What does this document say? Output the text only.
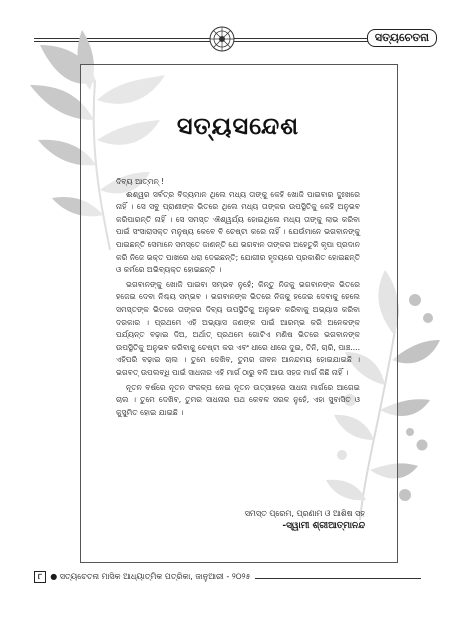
ସତ୍ୟଚେତନା
ସତ୍ୟସନ୍ଦେଶ

ଦିବ୍ୟ ଆତ୍ମନ୍ !

ଈଶ୍ୱର ସର୍ବତ୍ର ବିଦ୍ୟମାନ ଥିଲେ ମଧ୍ୟ ତାଙ୍କୁ କେହି ଖୋଜି ପାଇବାର ଦୁଃଖରେ ନାହିଁ । ସେ ସବୁ ପ୍ରାଣୀଙ୍କ ଭିତରେ ଥିଲେ ମଧ୍ୟ ତାଙ୍କର ଉପସ୍ଥିତିକୁ କେହି ଅନୁଭବ କରିପାରନ୍ତି ନାହିଁ । ସେ ସମସ୍ତ ଐଶ୍ୱର୍ଯ୍ୟ ହୋଇଥିଲେ ମଧ୍ୟ ତାଙ୍କୁ ଲାଭ କରିବା ପାଇଁ ସଂସାରାସକ୍ତ ମନୁଷ୍ୟ କେବେ ବି ଚେଷ୍ଟା କରେ ନାହିଁ । ଯେଉଁମାନେ ଭଗବାନଙ୍କୁ ପାଇଛନ୍ତି ସେମାନେ ସମସ୍ତେ ଜାଣନ୍ତି ଯେ ଭଗବାନ ତାଙ୍କର ଅହେତୁକି କୃପା ପ୍ରଦାନ କରି ନିଜେ ଭକ୍ତ ପାଖରେ ଧରା ଦେଇଛନ୍ତି; ଯୋଗୀର ହୃଦୟରେ ପ୍ରକାଶିତ ହୋଇଛନ୍ତି ଓ କର୍ମରେ ଅଭିବ୍ୟକ୍ତ ହୋଇଛନ୍ତି ।

ଭଗବାନଙ୍କୁ ଖୋଜି ପାଇବା ସମ୍ଭବ ନୁହେଁ; କିନ୍ତୁ ନିଜକୁ ଭଗବାନଙ୍କ ଭିତରେ ହଜେଇ ଦେବା ନିଶ୍ଚୟ ସମ୍ଭବ । ଭଗବାନଙ୍କ ଭିତରେ ନିଜକୁ ହଜେଇ ଦେବାକୁ ହେଲେ ସମସ୍ତଙ୍କ ଭିତରେ ତାଙ୍କର ଦିବ୍ୟ ଉପସ୍ଥିତିକୁ ଅନୁଭବ କରିବାକୁ ଅଭ୍ୟାସ କରିବା ଦରକାର । ପ୍ରଥମେ ଏହି ଅଭ୍ୟାସ ଜଣଙ୍କ ପାଇଁ ଆରମ୍ଭ କରି ଅନେକଙ୍କ ପର୍ଯ୍ୟନ୍ତ ବଢ଼ାଇ ଦିଅ, ଅର୍ଥାତ୍ ପ୍ରଥମେ ଗୋଟିଏ ମଣିଷ ଭିତରେ ଭଗବାନଙ୍କ ଉପସ୍ଥିତିକୁ ଅନୁଭବ କରିବାକୁ ଚେଷ୍ଟା କର ଏବଂ ଧୀରେ ଧୀରେ ଦୁଇ, ତିନି, ଚାରି, ପାଞ୍ଚ.... ଏହିପରି ବଢ଼ାଇ ଚାଲ । ତୁମେ ଦେଖିବ, ତୁମର ଜୀବନ ଆନନ୍ଦମୟ ହୋଇଯାଇଛି । ଭଗବତ୍ ଉପଲବ୍ଧି ପାଇଁ ସାଧନାର ଏହି ମାର୍ଗ ଠାରୁ ବଳି ଆଉ ସହଜ ମାର୍ଗ କିଛି ନାହିଁ ।

ନୂତନ ବର୍ଷରେ ନୂତନ ସଂକଳ୍ପ ନେଇ ନୂତନ ଉତ୍ସାହରେ ସାଧନା ମାର୍ଗରେ ଆଗେଇ ଚାଲ । ତୁମେ ଦେଖିବ, ତୁମର ସାଧନାର ପଥ କେବଳ ସରଳ ନୁହେଁ, ଏହା ସୁବାସିତ ଓ କୁସୁମିତ ହୋଇ ଯାଇଛି ।

ସମସ୍ତ ପ୍ରେମ, ପ୍ରଣାମ ଓ ଆଶିଷ ସହ
-ସ୍ୱାମୀ ଶ୍ରୀଆତ୍ମାନନ୍ଦ
୮ ● ସତ୍ୟଚେତନା ମାସିକ ଆଧ୍ୟାତ୍ମିକ ପତ୍ରିକା, ଜାନୁଆରୀ - ୨୦୨୫
